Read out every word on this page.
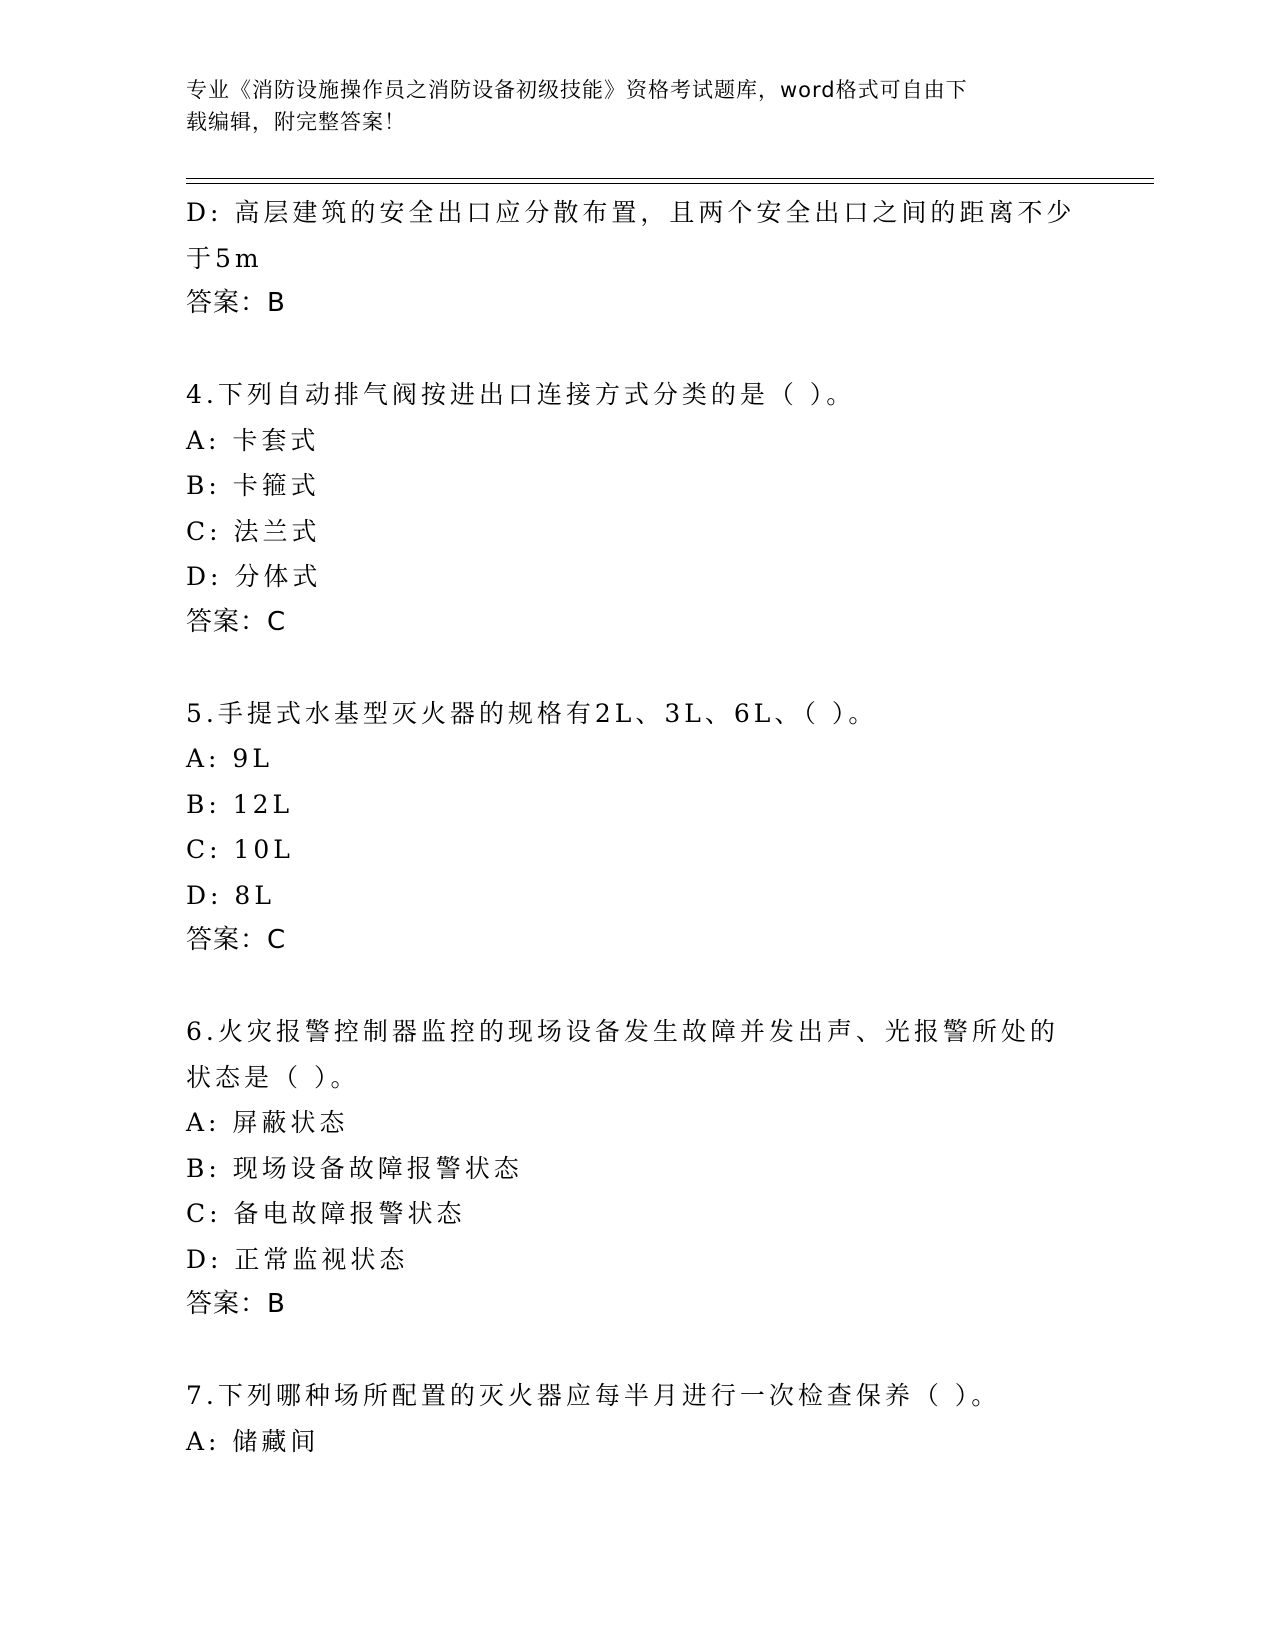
专业《消防设施操作员之消防设备初级技能》资格考试题库，word格式可自由下
载编辑，附完整答案！
D: 高层建筑的安全出口应分散布置，且两个安全出口之间的距离不少
于5m
答案：B
4.下列自动排气阀按进出口连接方式分类的是（ ）。
A: 卡套式
B: 卡箍式
C: 法兰式
D: 分体式
答案：C
5.手提式水基型灭火器的规格有2L、3L、6L、（ ）。
A: 9L
B: 12L
C: 10L
D: 8L
答案：C
6.火灾报警控制器监控的现场设备发生故障并发出声、光报警所处的
状态是（ ）。
A: 屏蔽状态
B: 现场设备故障报警状态
C: 备电故障报警状态
D: 正常监视状态
答案：B
7.下列哪种场所配置的灭火器应每半月进行一次检查保养（ ）。
A: 储藏间
